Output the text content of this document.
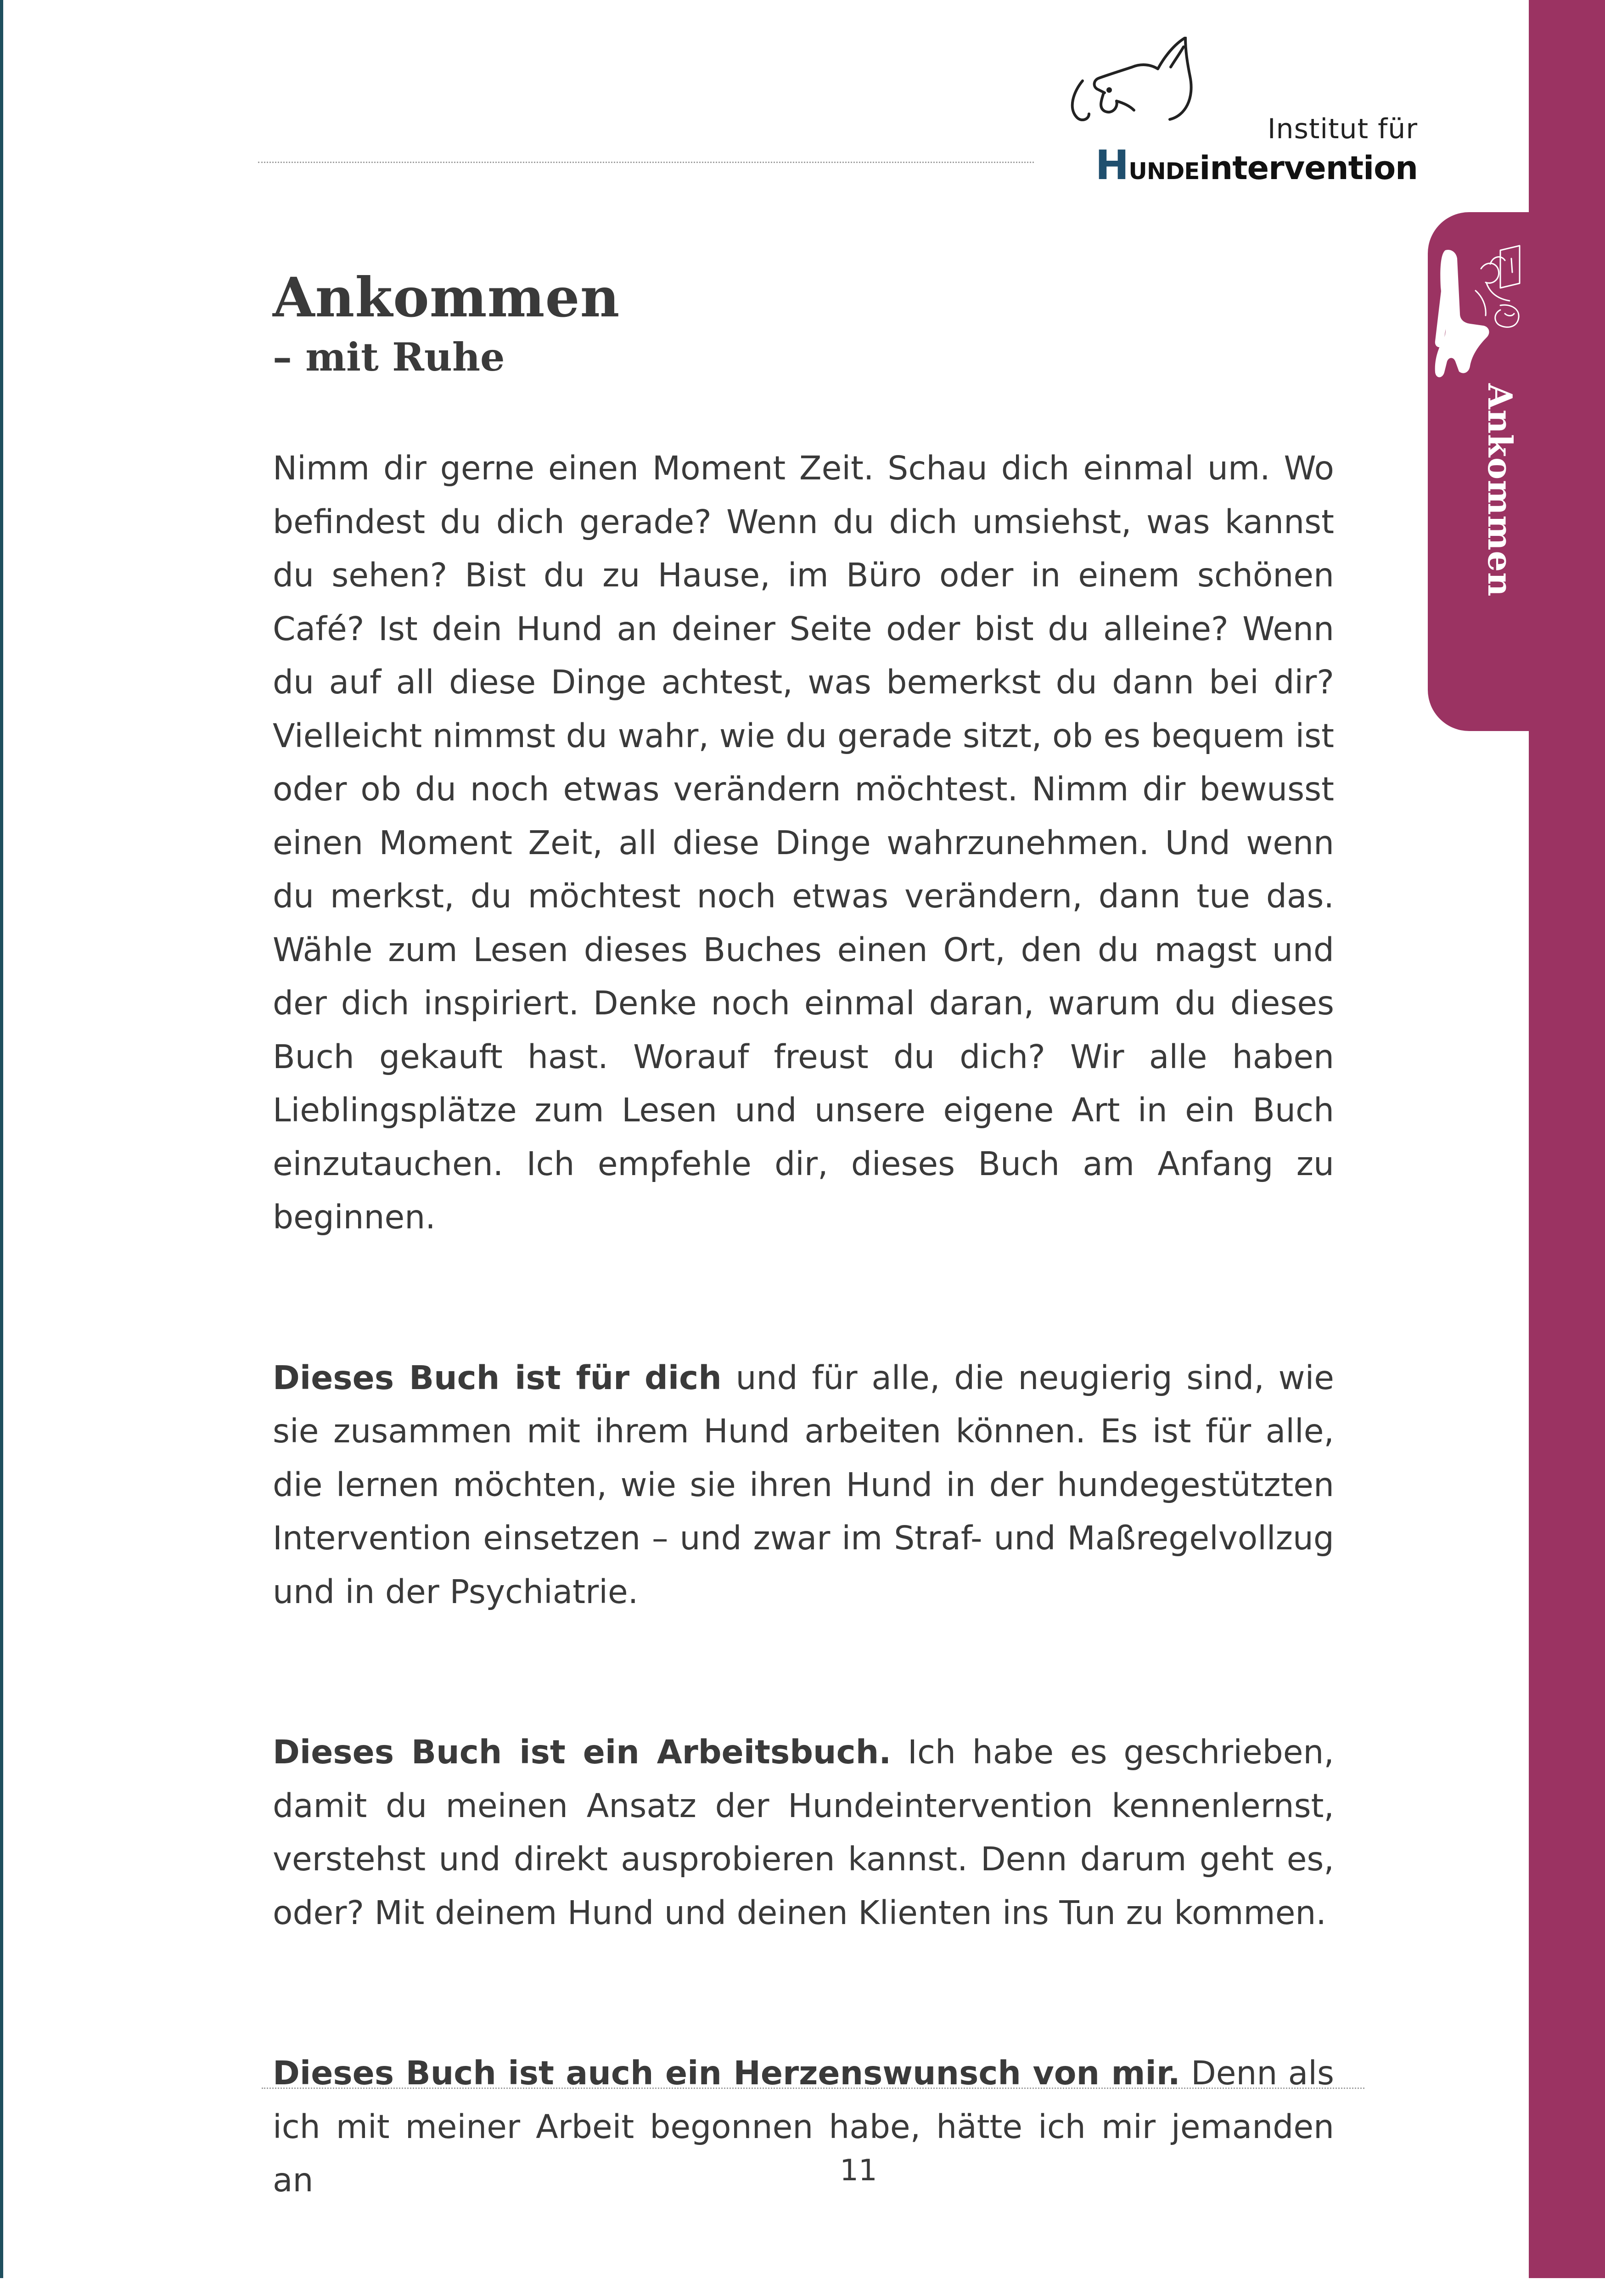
Ankommen
Institut für
HUNDEintervention
Ankommen
– mit Ruhe

Nimm dir gerne einen Moment Zeit. Schau dich einmal um. Wo befindest du dich gerade? Wenn du dich umsiehst, was kannst du sehen? Bist du zu Hause, im Büro oder in einem schönen Café? Ist dein Hund an deiner Seite oder bist du alleine? Wenn du auf all diese Dinge achtest, was bemerkst du dann bei dir? Vielleicht nimmst du wahr, wie du gerade sitzt, ob es bequem ist oder ob du noch etwas verändern möchtest. Nimm dir bewusst einen Moment Zeit, all diese Dinge wahrzunehmen. Und wenn du merkst, du möchtest noch etwas verändern, dann tue das. Wähle zum Lesen dieses Buches einen Ort, den du magst und der dich inspiriert. Denke noch einmal daran, warum du dieses Buch gekauft hast. Worauf freust du dich? Wir alle haben Lieblingsplätze zum Lesen und unsere eigene Art in ein Buch einzutauchen. Ich empfehle dir, dieses Buch am Anfang zu beginnen.

Dieses Buch ist für dich und für alle, die neugierig sind, wie sie zusammen mit ihrem Hund arbeiten können. Es ist für alle, die lernen möchten, wie sie ihren Hund in der hundegestützten Intervention einsetzen – und zwar im Straf- und Maßregelvollzug und in der Psychiatrie.

Dieses Buch ist ein Arbeitsbuch. Ich habe es geschrieben, damit du meinen Ansatz der Hundeintervention kennenlernst, verstehst und direkt ausprobieren kannst. Denn darum geht es, oder? Mit deinem Hund und deinen Klienten ins Tun zu kommen.

Dieses Buch ist auch ein Herzenswunsch von mir. Denn als ich mit meiner Arbeit begonnen habe, hätte ich mir jemanden an	11
